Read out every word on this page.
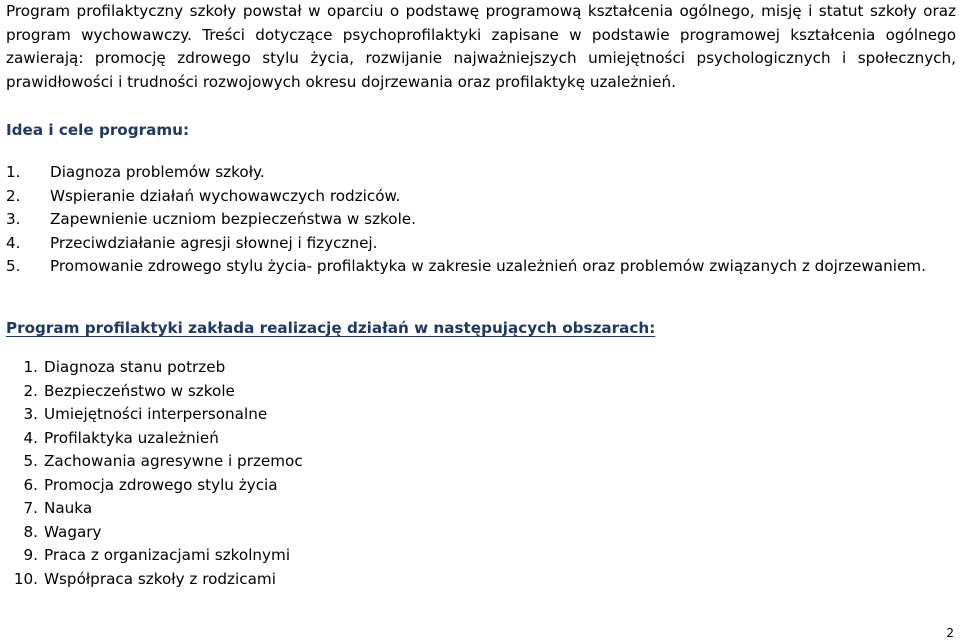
Program profilaktyczny szkoły powstał w oparciu o podstawę programową kształcenia ogólnego, misję i statut szkoły oraz
program wychowawczy. Treści dotyczące psychoprofilaktyki zapisane w podstawie programowej kształcenia ogólnego
zawierają: promocję zdrowego stylu życia, rozwijanie najważniejszych umiejętności psychologicznych i społecznych,
prawidłowości i trudności rozwojowych okresu dojrzewania oraz profilaktykę uzależnień.

Idea i cele programu:
1. Diagnoza problemów szkoły.
2. Wspieranie działań wychowawczych rodziców.
3. Zapewnienie uczniom bezpieczeństwa w szkole.
4. Przeciwdziałanie agresji słownej i fizycznej.
5. Promowanie zdrowego stylu życia- profilaktyka w zakresie uzależnień oraz problemów związanych z dojrzewaniem.
Program profilaktyki zakłada realizację działań w następujących obszarach:
1. Diagnoza stanu potrzeb
2. Bezpieczeństwo w szkole
3. Umiejętności interpersonalne
4. Profilaktyka uzależnień
5. Zachowania agresywne i przemoc
6. Promocja zdrowego stylu życia
7. Nauka
8. Wagary
9. Praca z organizacjami szkolnymi
10. Współpraca szkoły z rodzicami
2
